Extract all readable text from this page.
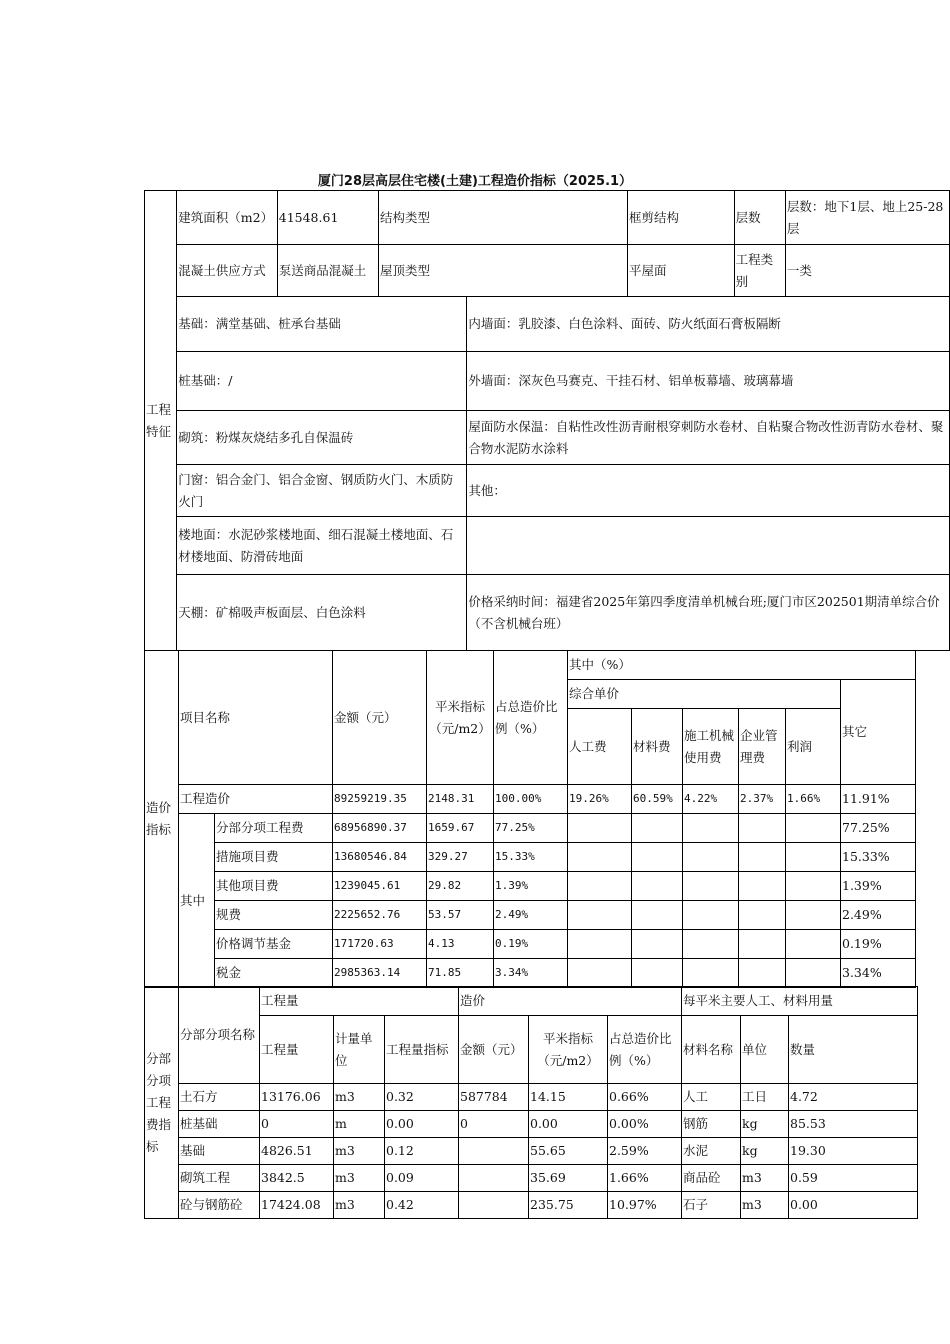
厦门28层高层住宅楼(土建)工程造价指标（2025.1）
工程特征	建筑面积（m2）	41548.61	结构类型		框剪结构	层数	层数：地下1层、地上25-28层
	混凝土供应方式	泵送商品混凝土	屋顶类型		平屋面	工程类别	一类
	基础：满堂基础、桩承台基础			内墙面：乳胶漆、白色涂料、面砖、防火纸面石膏板隔断			
	桩基础：/			外墙面：深灰色马赛克、干挂石材、铝单板幕墙、玻璃幕墙			
	砌筑：粉煤灰烧结多孔自保温砖			屋面防水保温：自粘性改性沥青耐根穿刺防水卷材、自粘聚合物改性沥青防水卷材、聚合物水泥防水涂料			
	门窗：铝合金门、铝合金窗、钢质防火门、木质防火门			其他：			
	楼地面：水泥砂浆楼地面、细石混凝土楼地面、石材楼地面、防滑砖地面						
	天棚：矿棉吸声板面层、白色涂料			价格采纳时间：福建省2025年第四季度清单机械台班;厦门市区202501期清单综合价（不含机械台班）			
造价指标	项目名称		金额（元）	平米指标（元/m2）	占总造价比例（%）	其中（%）					
						综合单价					其它
						人工费	材料费	施工机械使用费	企业管理费	利润	
	工程造价		89259219.35	2148.31	100.00%	19.26%	60.59%	4.22%	2.37%	1.66%	11.91%
	其中	分部分项工程费	68956890.37	1659.67	77.25%						77.25%
		措施项目费	13680546.84	329.27	15.33%						15.33%
		其他项目费	1239045.61	29.82	1.39%						1.39%
		规费	2225652.76	53.57	2.49%						2.49%
		价格调节基金	171720.63	4.13	0.19%						0.19%
		税金	2985363.14	71.85	3.34%						3.34%
分部分项工程费指标	分部分项名称	工程量			造价			每平米主要人工、材料用量		
		工程量	计量单位	工程量指标	金额（元）	平米指标（元/m2）	占总造价比例（%）	材料名称	单位	数量
	土石方	13176.06	m3	0.32	587784	14.15	0.66%	人工	工日	4.72
	桩基础	0	m	0.00	0	0.00	0.00%	钢筋	kg	85.53
	基础	4826.51	m3	0.12		55.65	2.59%	水泥	kg	19.30
	砌筑工程	3842.5	m3	0.09		35.69	1.66%	商品砼	m3	0.59
	砼与钢筋砼	17424.08	m3	0.42		235.75	10.97%	石子	m3	0.00
